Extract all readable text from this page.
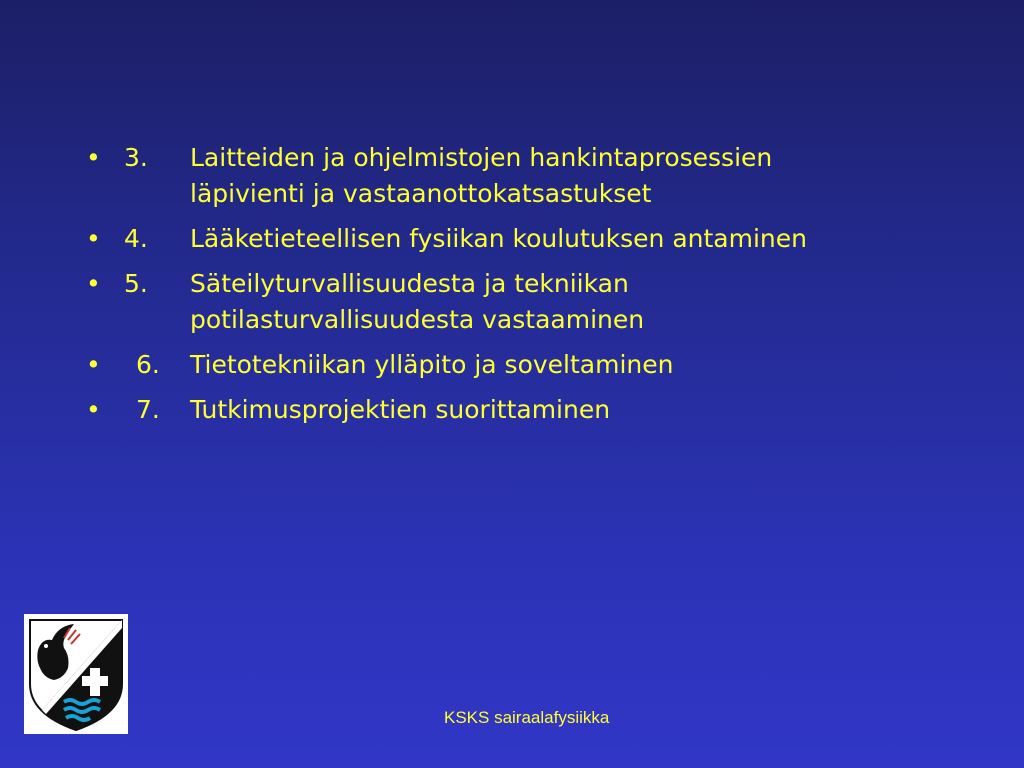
• 3.	Laitteiden ja ohjelmistojen hankintaprosessien
läpivienti ja vastaanottokatsastukset
• 4.	Lääketieteellisen fysiikan koulutuksen antaminen
• 5.	Säteilyturvallisuudesta ja tekniikan
potilasturvallisuudesta vastaaminen
• 6.	Tietotekniikan ylläpito ja soveltaminen
• 7.	Tutkimusprojektien suorittaminen
KSKS sairaalafysiikka
